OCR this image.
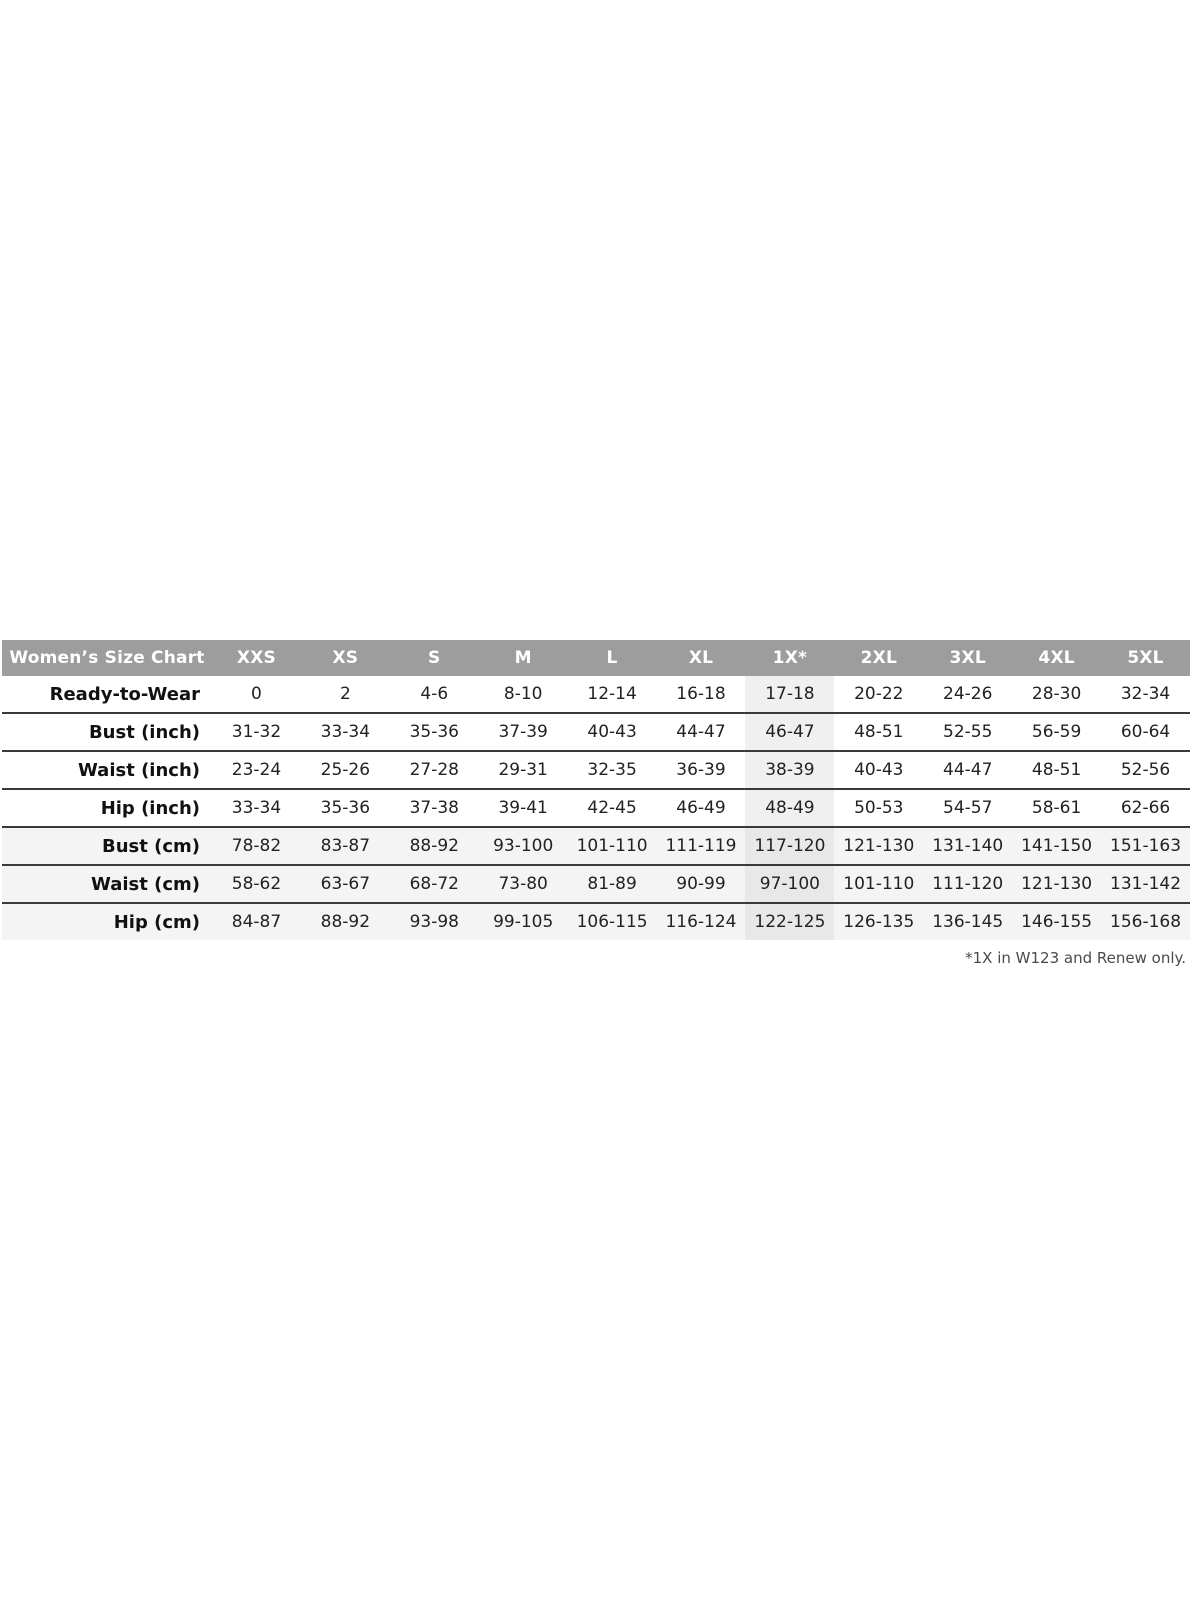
Women’s Size Chart	XXS	XS	S	M	L	XL	1X*	2XL	3XL	4XL	5XL
Ready-to-Wear	0	2	4-6	8-10	12-14	16-18	17-18	20-22	24-26	28-30	32-34
Bust (inch)	31-32	33-34	35-36	37-39	40-43	44-47	46-47	48-51	52-55	56-59	60-64
Waist (inch)	23-24	25-26	27-28	29-31	32-35	36-39	38-39	40-43	44-47	48-51	52-56
Hip (inch)	33-34	35-36	37-38	39-41	42-45	46-49	48-49	50-53	54-57	58-61	62-66
Bust (cm)	78-82	83-87	88-92	93-100	101-110	111-119	117-120	121-130	131-140	141-150	151-163
Waist (cm)	58-62	63-67	68-72	73-80	81-89	90-99	97-100	101-110	111-120	121-130	131-142
Hip (cm)	84-87	88-92	93-98	99-105	106-115	116-124	122-125	126-135	136-145	146-155	156-168
*1X in W123 and Renew only.
